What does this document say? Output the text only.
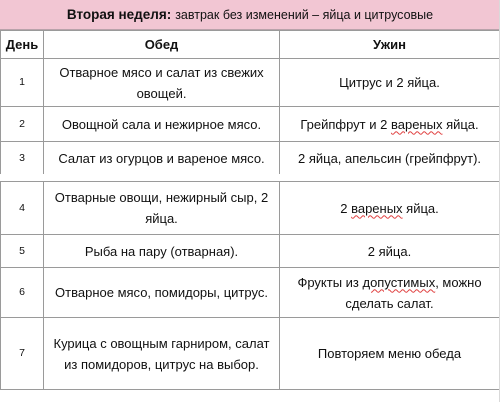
Вторая неделя: завтрак без изменений – яйца и цитрусовые
День	Обед	Ужин
1	Отварное мясо и салат из свежих овощей.	Цитрус и 2 яйца.
2	Овощной сала и нежирное мясо.	Грейпфрут и 2 вареных яйца.
3	Салат из огурцов и вареное мясо.	2 яйца, апельсин (грейпфрут).
4	Отварные овощи, нежирный сыр, 2 яйца.	2 вареных яйца.
5	Рыба на пару (отварная).	2 яйца.
6	Отварное мясо, помидоры, цитрус.	Фрукты из допустимых, можно сделать салат.
7	Курица с овощным гарниром, салат из помидоров, цитрус на выбор.	Повторяем меню обеда
